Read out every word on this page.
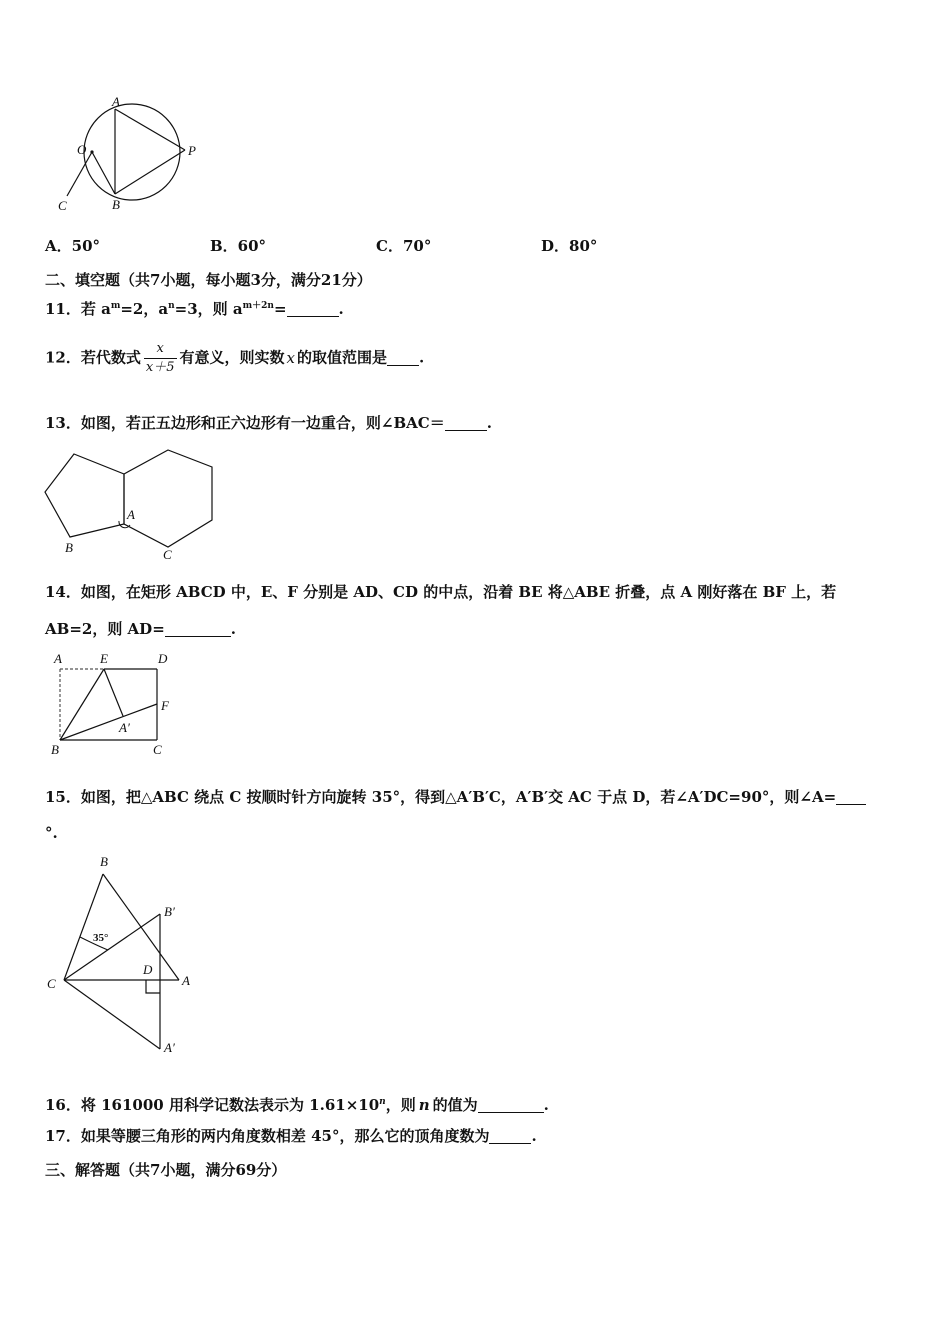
A
O	P
C	B
A．50°	B．60°	C．70°	D．80°
二、填空题（共7小题，每小题3分，满分21分）
11．若 $a^m=2$，$a^n=3$，则 $a^{m+2n}=$	.
12．若代数式 $\frac{x}{x+5}$ 有意义，则实数 x 的取值范围是 .
13．如图，若正五边形和正六边形有一边重合，则∠BAC＝	.
A
B	C
14．如图，在矩形 ABCD 中，E、F 分别是 AD、CD 的中点，沿着 BE 将△ABE 折叠，点 A 刚好落在 BF 上，若
AB=2，则 AD=	.
A	E	D
F
A′
B	C
15．如图，把△ABC 绕点 C 按顺时针方向旋转 35°，得到△A′B′C，A′B′交 AC 于点 D，若∠A′DC=90°，则∠A=
°.
B
B′
35°
D
C	A
A′
16．将 161000 用科学记数法表示为 $1.61\times 10^n$，则 n 的值为	.
17．如果等腰三角形的两内角度数相差 45°，那么它的顶角度数为	.
三、解答题（共7小题，满分69分）
